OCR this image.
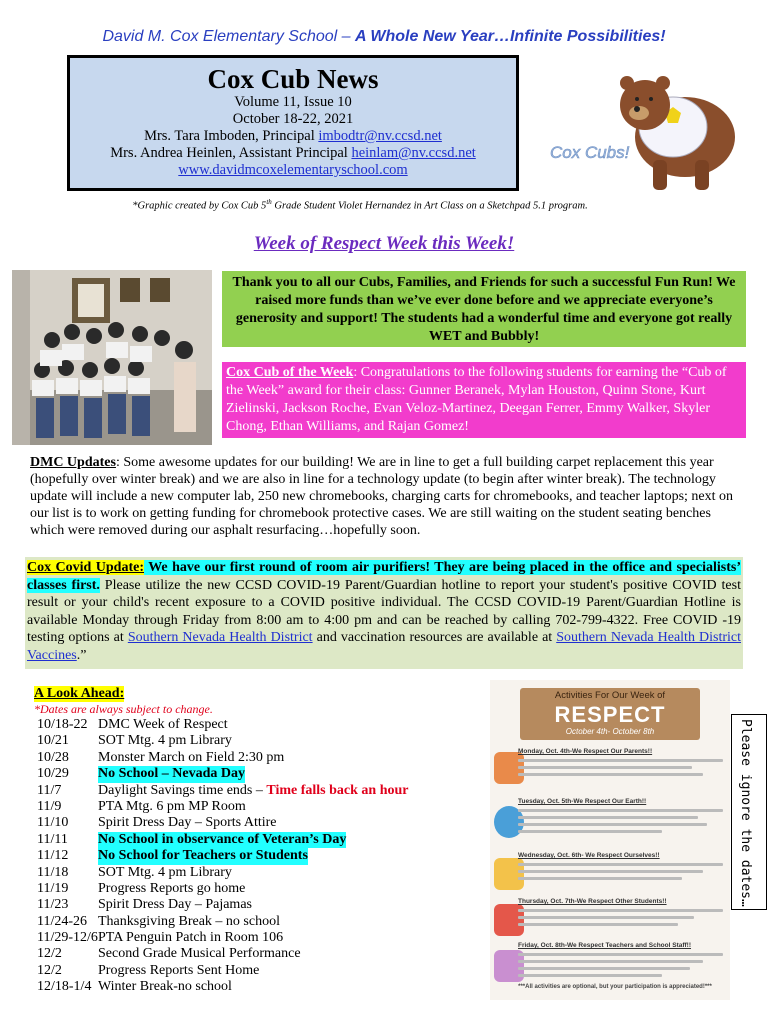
David M. Cox Elementary School – A Whole New Year…Infinite Possibilities!
Cox Cub News
Volume 11, Issue 10
October 18-22, 2021
Mrs. Tara Imboden, Principal imbodtr@nv.ccsd.net
Mrs. Andrea Heinlen, Assistant Principal heinlam@nv.ccsd.net
www.davidmcoxelementaryschool.com
Cox Cubs!
*Graphic created by Cox Cub 5th Grade Student Violet Hernandez in Art Class on a Sketchpad 5.1 program.
Week of Respect Week this Week!
Thank you to all our Cubs, Families, and Friends for such a successful Fun Run! We raised more funds than we’ve ever done before and we appreciate everyone’s generosity and support! The students had a wonderful time and everyone got really WET and Bubbly!
Cox Cub of the Week: Congratulations to the following students for earning the “Cub of the Week” award for their class: Gunner Beranek, Mylan Houston, Quinn Stone, Kurt Zielinski, Jackson Roche, Evan Veloz-Martinez, Deegan Ferrer, Emmy Walker, Skyler Chong, Ethan Williams, and Rajan Gomez!
DMC Updates: Some awesome updates for our building! We are in line to get a full building carpet replacement this year (hopefully over winter break) and we are also in line for a technology update (to begin after winter break). The technology update will include a new computer lab, 250 new chromebooks, charging carts for chromebooks, and teacher laptops; next on our list is to work on getting funding for chromebook protective cases. We are still waiting on the student seating benches which were removed during our asphalt resurfacing…hopefully soon.
Cox Covid Update: We have our first round of room air purifiers! They are being placed in the office and specialists’ classes first. Please utilize the new CCSD COVID-19 Parent/Guardian hotline to report your student's positive COVID test result or your child's recent exposure to a COVID positive individual. The CCSD COVID-19 Parent/Guardian Hotline is available Monday through Friday from 8:00 am to 4:00 pm and can be reached by calling 702-799-4322. Free COVID -19 testing options at Southern Nevada Health District and vaccination resources are available at Southern Nevada Health District Vaccines.”
A Look Ahead:
*Dates are always subject to change.
10/18-22 DMC Week of Respect
10/21	SOT Mtg. 4 pm Library
10/28	Monster March on Field 2:30 pm
10/29	No School – Nevada Day
11/7	Daylight Savings time ends – Time falls back an hour
11/9	PTA Mtg. 6 pm MP Room
11/10	Spirit Dress Day – Sports Attire
11/11	No School in observance of Veteran’s Day
11/12	No School for Teachers or Students
11/18	SOT Mtg. 4 pm Library
11/19	Progress Reports go home
11/23	Spirit Dress Day – Pajamas
11/24-26 Thanksgiving Break – no school
11/29-12/6 PTA Penguin Patch in Room 106
12/2	Second Grade Musical Performance
12/2	Progress Reports Sent Home
12/18-1/4 Winter Break-no school
Activities For Our Week of
RESPECT
October 4th- October 8th
Monday, Oct. 4th-We Respect Our Parents!!
Tuesday, Oct. 5th-We Respect Our Earth!!
Wednesday, Oct. 6th- We Respect Ourselves!!
Thursday, Oct. 7th-We Respect Other Students!!
Friday, Oct. 8th-We Respect Teachers and School Staff!!
***All activities are optional, but your participation is appreciated!***
Please ignore the dates…
